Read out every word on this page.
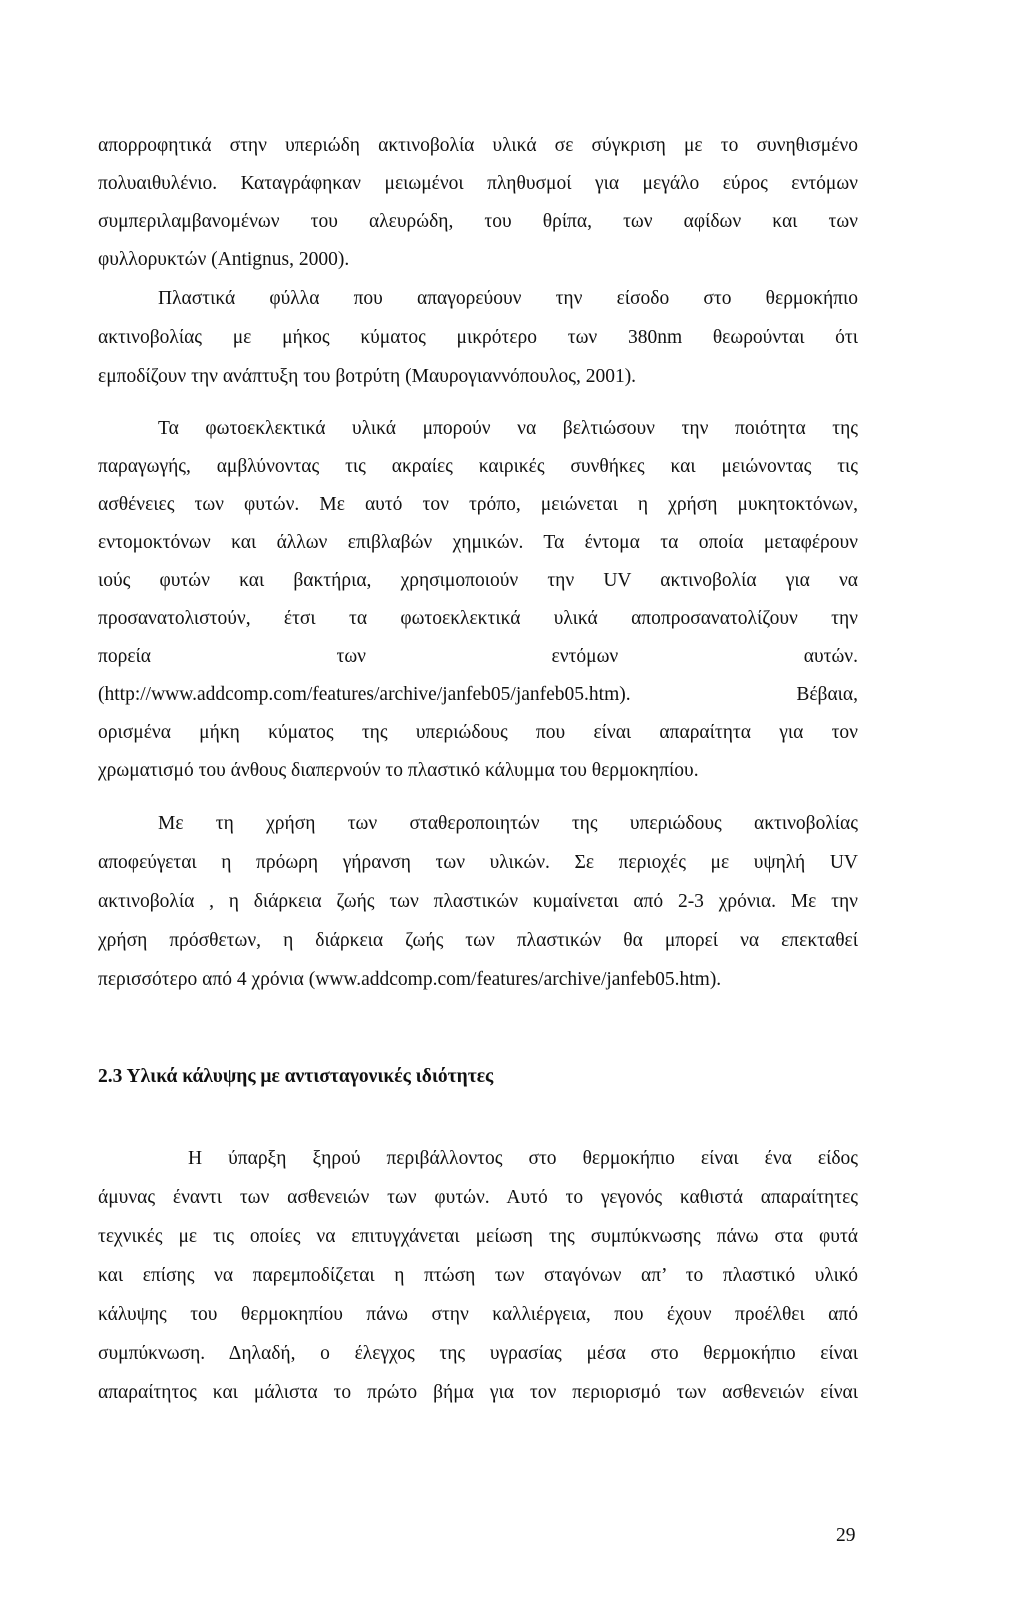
απορροφητικά στην υπεριώδη ακτινοβολία υλικά σε σύγκριση με το συνηθισμένο
πολυαιθυλένιο. Καταγράφηκαν μειωμένοι πληθυσμοί για μεγάλο εύρος εντόμων
συμπεριλαμβανομένων του αλευρώδη, του θρίπα, των αφίδων και των
φυλλορυκτών (Antignus, 2000).
Πλαστικά φύλλα που απαγορεύουν την είσοδο στο θερμοκήπιο
ακτινοβολίας με μήκος κύματος μικρότερο των 380nm θεωρούνται ότι
εμποδίζουν την ανάπτυξη του βοτρύτη (Μαυρογιαννόπουλος, 2001).
Τα φωτοεκλεκτικά υλικά μπορούν να βελτιώσουν την ποιότητα της
παραγωγής, αμβλύνοντας τις ακραίες καιρικές συνθήκες και μειώνοντας τις
ασθένειες των φυτών. Με αυτό τον τρόπο, μειώνεται η χρήση μυκητοκτόνων,
εντομοκτόνων και άλλων επιβλαβών χημικών. Τα έντομα τα οποία μεταφέρουν
ιούς φυτών και βακτήρια, χρησιμοποιούν την UV ακτινοβολία για να
προσανατολιστούν, έτσι τα φωτοεκλεκτικά υλικά αποπροσανατολίζουν την
πορεία των εντόμων αυτών.
(http://www.addcomp.com/features/archive/janfeb05/janfeb05.htm). Βέβαια,
ορισμένα μήκη κύματος της υπεριώδους που είναι απαραίτητα για τον
χρωματισμό του άνθους διαπερνούν το πλαστικό κάλυμμα του θερμοκηπίου.
Με τη χρήση των σταθεροποιητών της υπεριώδους ακτινοβολίας
αποφεύγεται η πρόωρη γήρανση των υλικών. Σε περιοχές με υψηλή UV
ακτινοβολία , η διάρκεια ζωής των πλαστικών κυμαίνεται από 2-3 χρόνια. Με την
χρήση πρόσθετων, η διάρκεια ζωής των πλαστικών θα μπορεί να επεκταθεί
περισσότερο από 4 χρόνια (www.addcomp.com/features/archive/janfeb05.htm).
2.3 Υλικά κάλυψης με αντισταγονικές ιδιότητες
Η ύπαρξη ξηρού περιβάλλοντος στο θερμοκήπιο είναι ένα είδος
άμυνας έναντι των ασθενειών των φυτών. Αυτό το γεγονός καθιστά απαραίτητες
τεχνικές με τις οποίες να επιτυγχάνεται μείωση της συμπύκνωσης πάνω στα φυτά
και επίσης να παρεμποδίζεται η πτώση των σταγόνων απ’ το πλαστικό υλικό
κάλυψης του θερμοκηπίου πάνω στην καλλιέργεια, που έχουν προέλθει από
συμπύκνωση. Δηλαδή, ο έλεγχος της υγρασίας μέσα στο θερμοκήπιο είναι
απαραίτητος και μάλιστα το πρώτο βήμα για τον περιορισμό των ασθενειών είναι
29
